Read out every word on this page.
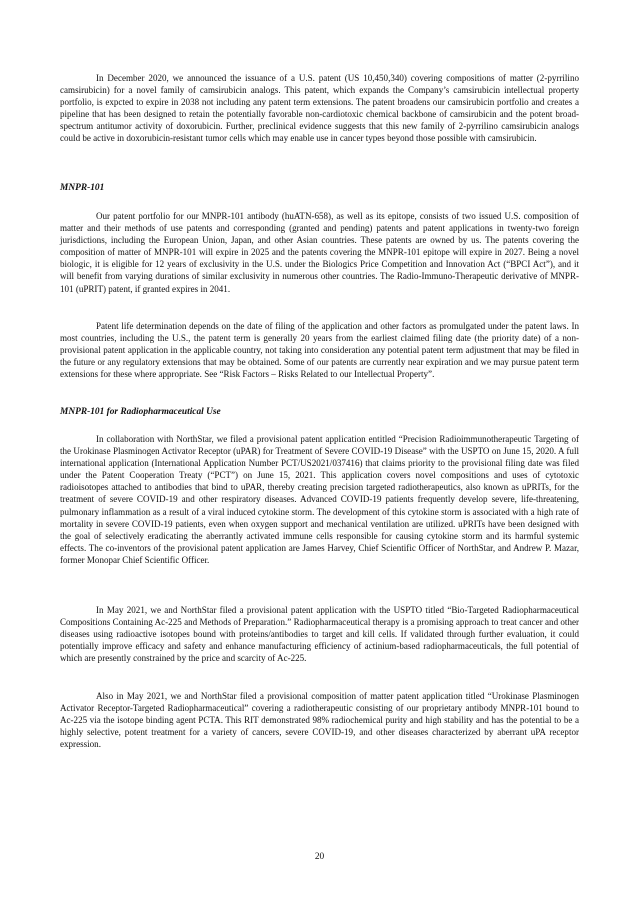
In December 2020, we announced the issuance of a U.S. patent (US 10,450,340) covering compositions of matter (2-pyrrilino camsirubicin) for a novel family of camsirubicin analogs. This patent, which expands the Company’s camsirubicin intellectual property portfolio, is expcted to expire in 2038 not including any patent term extensions. The patent broadens our camsirubicin portfolio and creates a pipeline that has been designed to retain the potentially favorable non-cardiotoxic chemical backbone of camsirubicin and the potent broad-spectrum antitumor activity of doxorubicin. Further, preclinical evidence suggests that this new family of 2-pyrrilino camsirubicin analogs could be active in doxorubicin-resistant tumor cells which may enable use in cancer types beyond those possible with camsirubicin.

MNPR-101

Our patent portfolio for our MNPR-101 antibody (huATN-658), as well as its epitope, consists of two issued U.S. composition of matter and their methods of use patents and corresponding (granted and pending) patents and patent applications in twenty-two foreign jurisdictions, including the European Union, Japan, and other Asian countries. These patents are owned by us. The patents covering the composition of matter of MNPR-101 will expire in 2025 and the patents covering the MNPR-101 epitope will expire in 2027. Being a novel biologic, it is eligible for 12 years of exclusivity in the U.S. under the Biologics Price Competition and Innovation Act (“BPCI Act”), and it will benefit from varying durations of similar exclusivity in numerous other countries. The Radio-Immuno-Therapeutic derivative of MNPR-101 (uPRIT) patent, if granted expires in 2041.

Patent life determination depends on the date of filing of the application and other factors as promulgated under the patent laws. In most countries, including the U.S., the patent term is generally 20 years from the earliest claimed filing date (the priority date) of a non-provisional patent application in the applicable country, not taking into consideration any potential patent term adjustment that may be filed in the future or any regulatory extensions that may be obtained. Some of our patents are currently near expiration and we may pursue patent term extensions for these where appropriate. See “Risk Factors – Risks Related to our Intellectual Property”.

MNPR-101 for Radiopharmaceutical Use

In collaboration with NorthStar, we filed a provisional patent application entitled “Precision Radioimmunotherapeutic Targeting of the Urokinase Plasminogen Activator Receptor (uPAR) for Treatment of Severe COVID-19 Disease” with the USPTO on June 15, 2020. A full international application (International Application Number PCT/US2021/037416) that claims priority to the provisional filing date was filed under the Patent Cooperation Treaty (“PCT”) on June 15, 2021. This application covers novel compositions and uses of cytotoxic radioisotopes attached to antibodies that bind to uPAR, thereby creating precision targeted radiotherapeutics, also known as uPRITs, for the treatment of severe COVID-19 and other respiratory diseases. Advanced COVID-19 patients frequently develop severe, life-threatening, pulmonary inflammation as a result of a viral induced cytokine storm. The development of this cytokine storm is associated with a high rate of mortality in severe COVID-19 patients, even when oxygen support and mechanical ventilation are utilized. uPRITs have been designed with the goal of selectively eradicating the aberrantly activated immune cells responsible for causing cytokine storm and its harmful systemic effects. The co-inventors of the provisional patent application are James Harvey, Chief Scientific Officer of NorthStar, and Andrew P. Mazar, former Monopar Chief Scientific Officer.

In May 2021, we and NorthStar filed a provisional patent application with the USPTO titled “Bio-Targeted Radiopharmaceutical Compositions Containing Ac-225 and Methods of Preparation.” Radiopharmaceutical therapy is a promising approach to treat cancer and other diseases using radioactive isotopes bound with proteins/antibodies to target and kill cells. If validated through further evaluation, it could potentially improve efficacy and safety and enhance manufacturing efficiency of actinium-based radiopharmaceuticals, the full potential of which are presently constrained by the price and scarcity of Ac-225.

Also in May 2021, we and NorthStar filed a provisional composition of matter patent application titled “Urokinase Plasminogen Activator Receptor-Targeted Radiopharmaceutical” covering a radiotherapeutic consisting of our proprietary antibody MNPR-101 bound to Ac-225 via the isotope binding agent PCTA. This RIT demonstrated 98% radiochemical purity and high stability and has the potential to be a highly selective, potent treatment for a variety of cancers, severe COVID-19, and other diseases characterized by aberrant uPA receptor expression.

20
